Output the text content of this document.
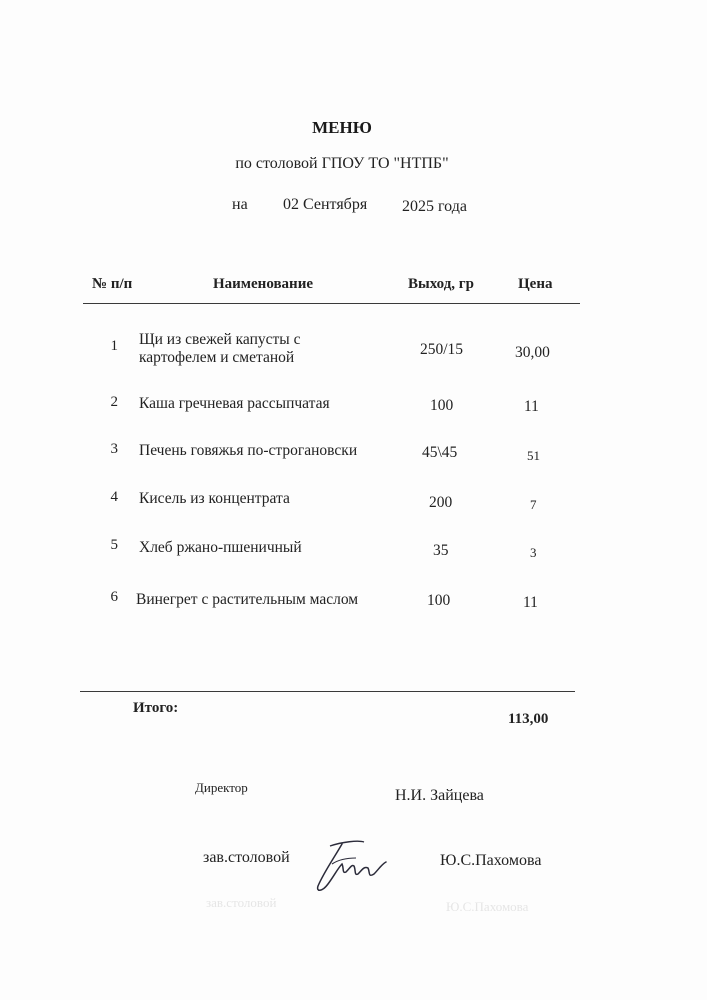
МЕНЮ
по столовой ГПОУ ТО "НТПБ"
на 02 Сентября 2025 года
№ п/п	Наименование	Выход, гр	Цена
1 Щи из свежей капусты с
картофелем и сметаной	250/15	30,00
2 Каша гречневая рассыпчатая	100	11
3 Печень говяжья по-строгановски	45\45	51
4 Кисель из концентрата	200	7
5 Хлеб ржано-пшеничный	35	3
6 Винегрет с растительным маслом	100	11
Итого:
113,00
Директор	Н.И. Зайцева
зав.столовой	Ю.С.Пахомова
зав.столовой	Ю.С.Пахомова
